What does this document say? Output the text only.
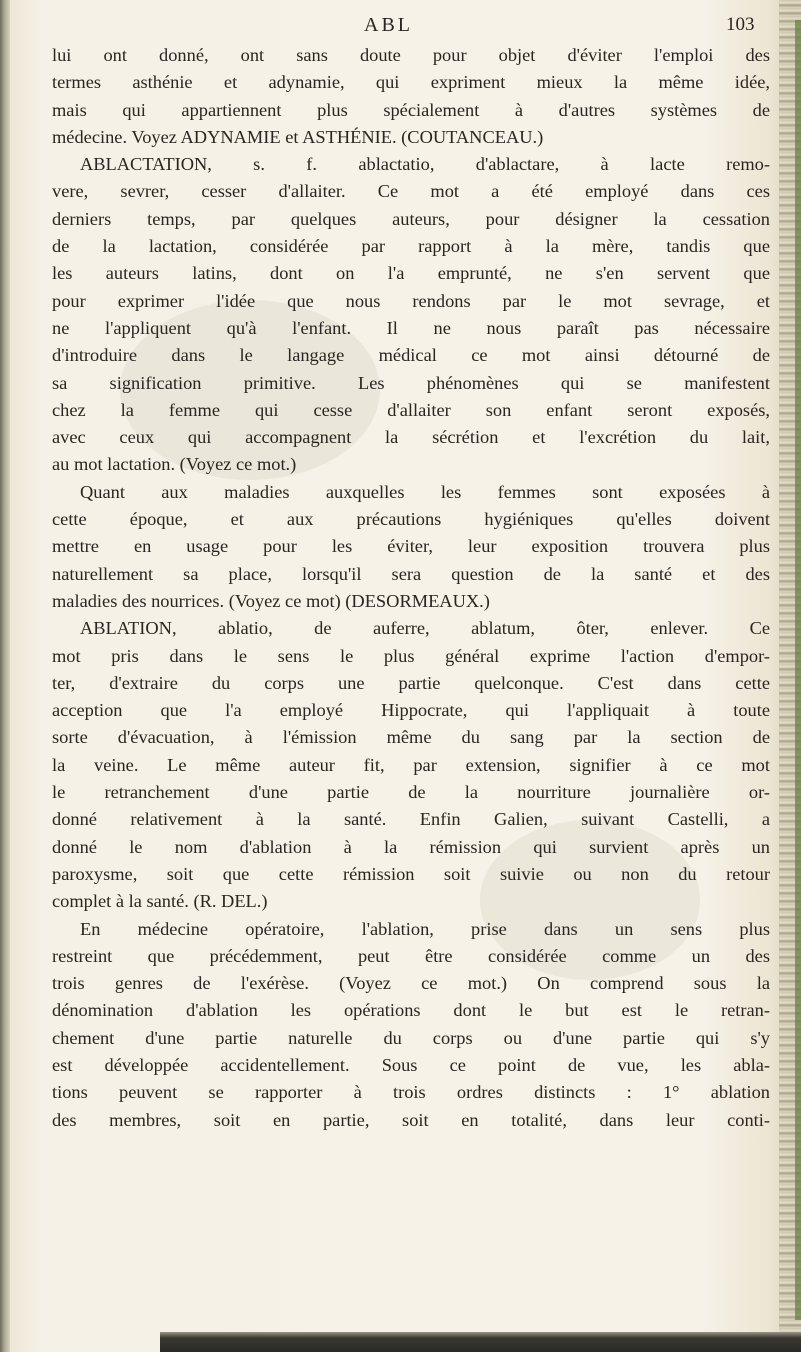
ABL	103
lui ont donné, ont sans doute pour objet d'éviter l'emploi des
termes asthénie et adynamie, qui expriment mieux la même idée,
mais qui appartiennent plus spécialement à d'autres systèmes de
médecine. Voyez ADYNAMIE et ASTHÉNIE. (COUTANCEAU.)
ABLACTATION, s. f. ablactatio, d'ablactare, à lacte remo-
vere, sevrer, cesser d'allaiter. Ce mot a été employé dans ces
derniers temps, par quelques auteurs, pour désigner la cessation
de la lactation, considérée par rapport à la mère, tandis que
les auteurs latins, dont on l'a emprunté, ne s'en servent que
pour exprimer l'idée que nous rendons par le mot sevrage, et
ne l'appliquent qu'à l'enfant. Il ne nous paraît pas nécessaire
d'introduire dans le langage médical ce mot ainsi détourné de
sa signification primitive. Les phénomènes qui se manifestent
chez la femme qui cesse d'allaiter son enfant seront exposés,
avec ceux qui accompagnent la sécrétion et l'excrétion du lait,
au mot lactation. (Voyez ce mot.)
Quant aux maladies auxquelles les femmes sont exposées à
cette époque, et aux précautions hygiéniques qu'elles doivent
mettre en usage pour les éviter, leur exposition trouvera plus
naturellement sa place, lorsqu'il sera question de la santé et des
maladies des nourrices. (Voyez ce mot) (DESORMEAUX.)
ABLATION, ablatio, de auferre, ablatum, ôter, enlever. Ce
mot pris dans le sens le plus général exprime l'action d'empor-
ter, d'extraire du corps une partie quelconque. C'est dans cette
acception que l'a employé Hippocrate, qui l'appliquait à toute
sorte d'évacuation, à l'émission même du sang par la section de
la veine. Le même auteur fit, par extension, signifier à ce mot
le retranchement d'une partie de la nourriture journalière or-
donné relativement à la santé. Enfin Galien, suivant Castelli, a
donné le nom d'ablation à la rémission qui survient après un
paroxysme, soit que cette rémission soit suivie ou non du retour
complet à la santé. (R. DEL.)
En médecine opératoire, l'ablation, prise dans un sens plus
restreint que précédemment, peut être considérée comme un des
trois genres de l'exérèse. (Voyez ce mot.) On comprend sous la
dénomination d'ablation les opérations dont le but est le retran-
chement d'une partie naturelle du corps ou d'une partie qui s'y
est développée accidentellement. Sous ce point de vue, les abla-
tions peuvent se rapporter à trois ordres distincts : 1° ablation
des membres, soit en partie, soit en totalité, dans leur conti-
